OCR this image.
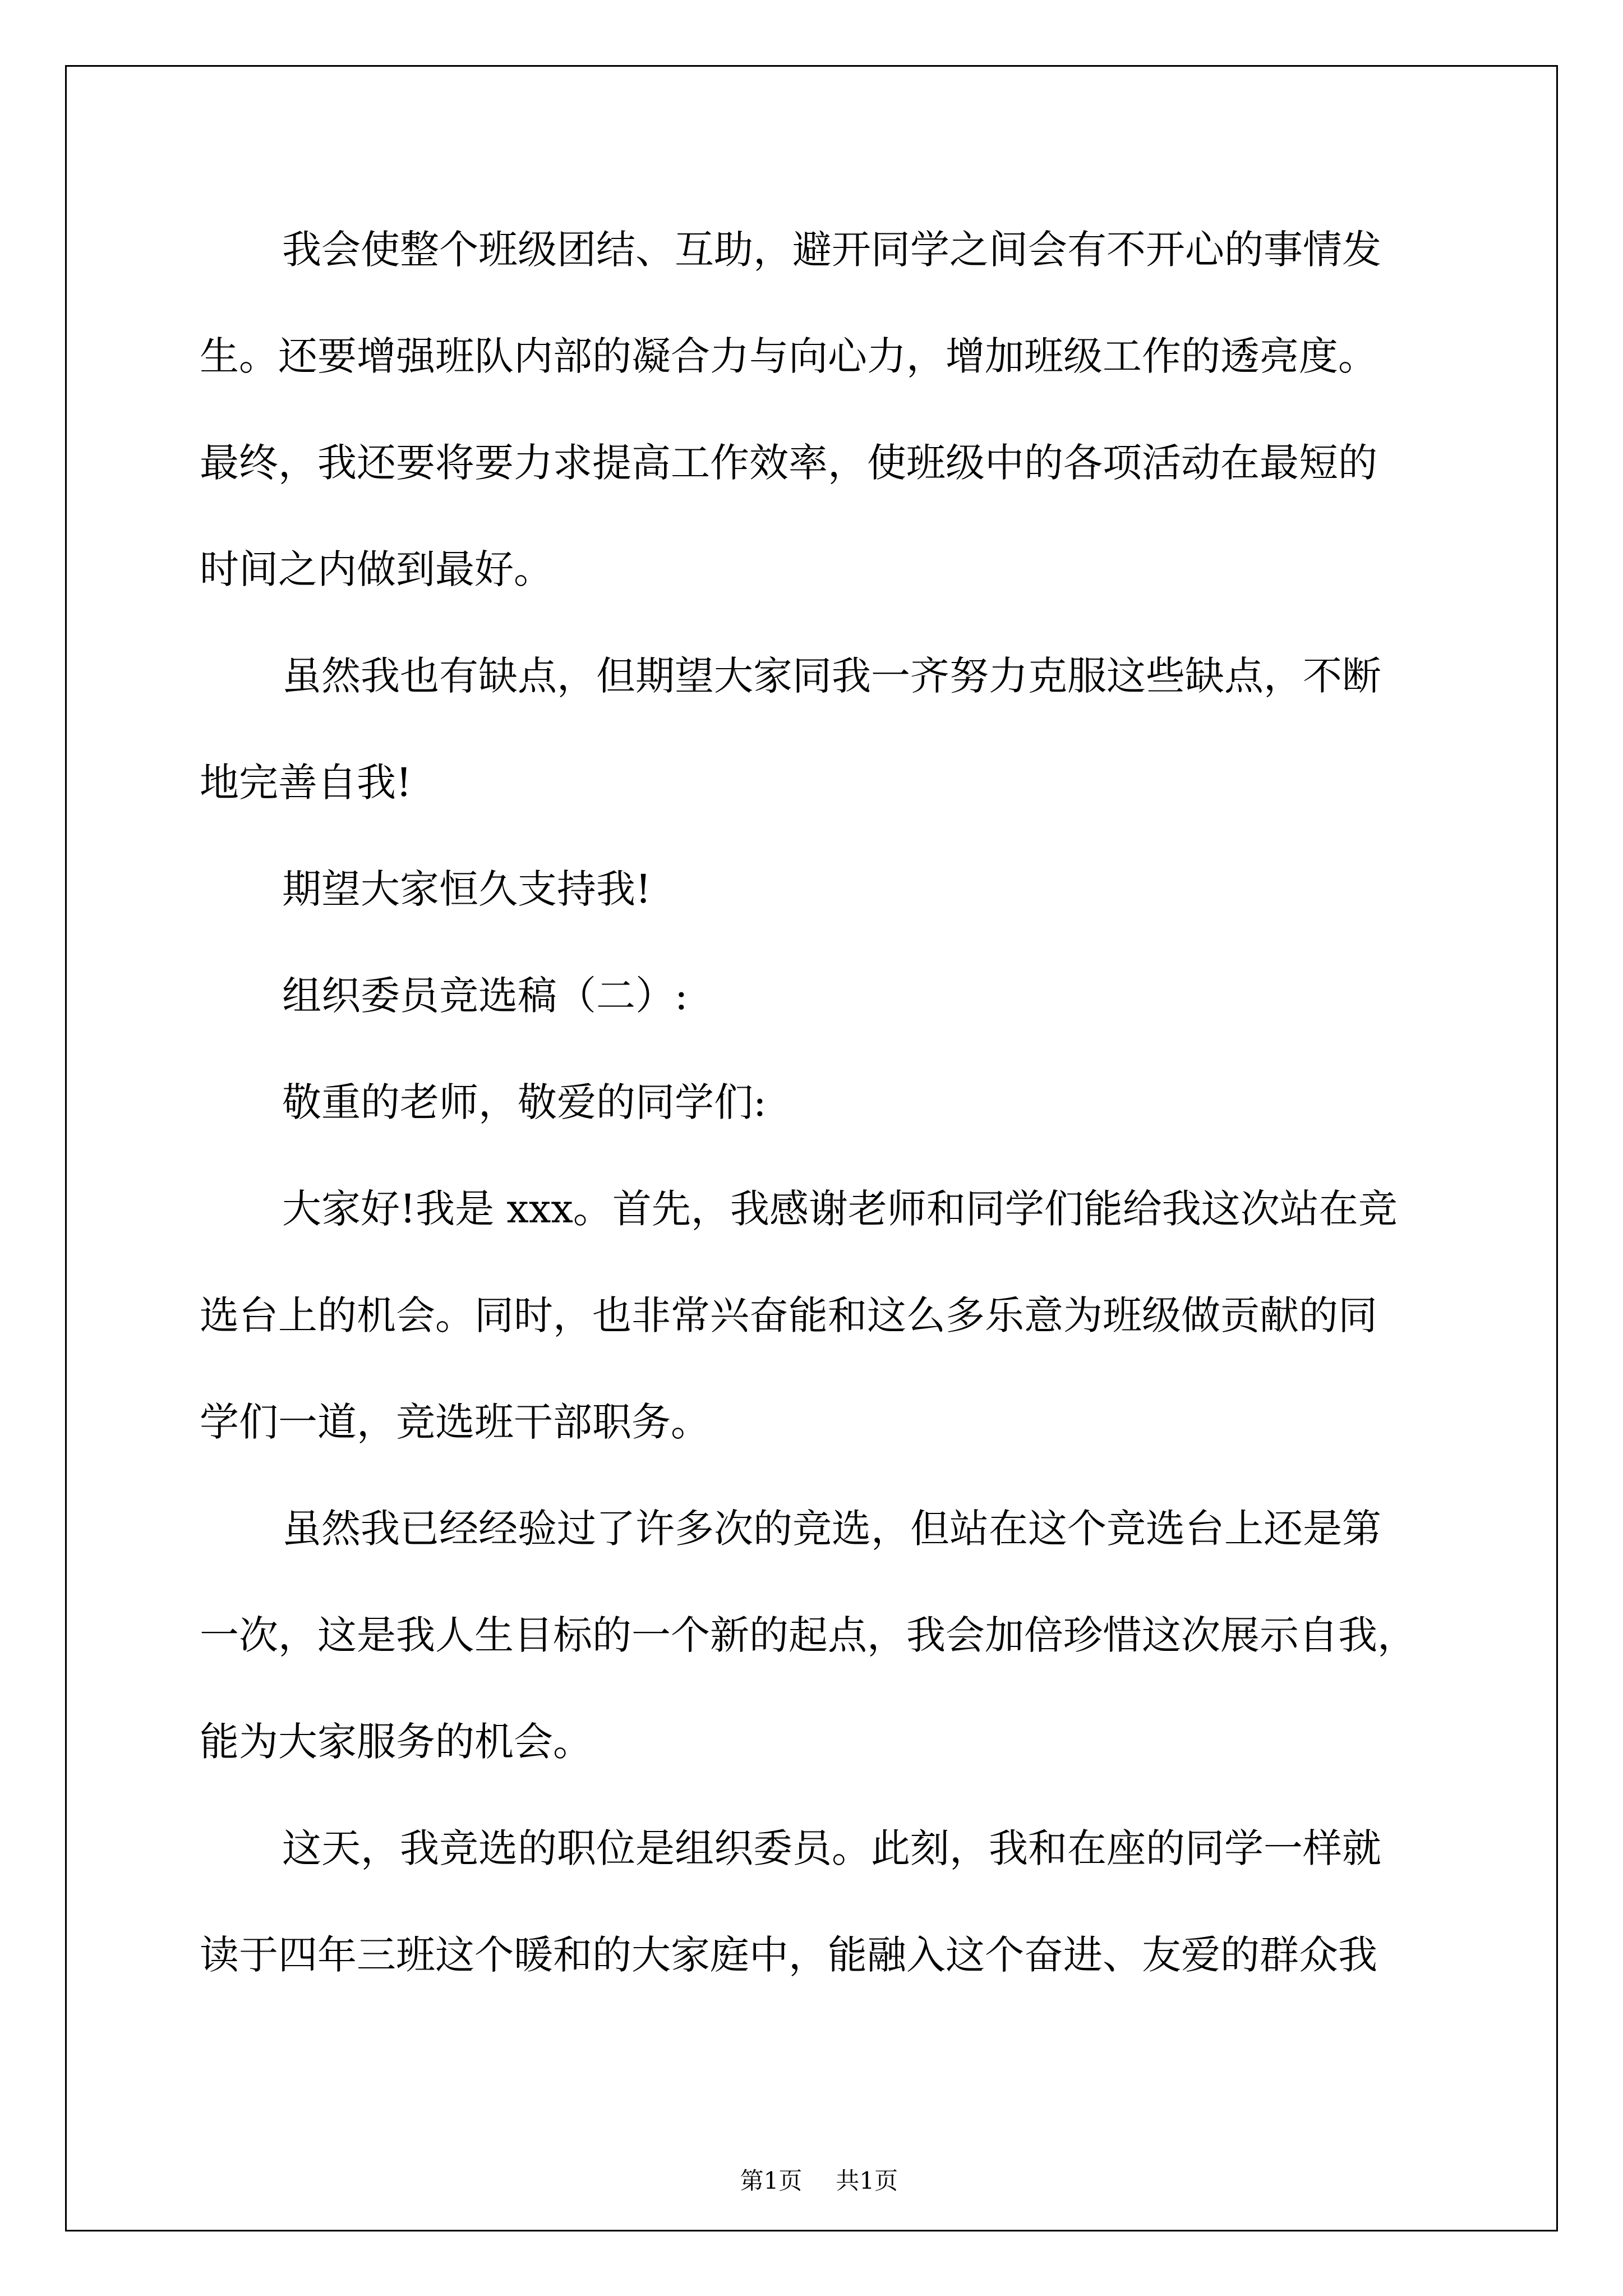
我会使整个班级团结、互助，避开同学之间会有不开心的事情发

生。还要增强班队内部的凝合力与向心力，增加班级工作的透亮度。

最终，我还要将要力求提高工作效率，使班级中的各项活动在最短的

时间之内做到最好。

虽然我也有缺点，但期望大家同我一齐努力克服这些缺点，不断

地完善自我!

期望大家恒久支持我!

组织委员竞选稿（二）:

敬重的老师，敬爱的同学们:

大家好!我是 xxx。首先，我感谢老师和同学们能给我这次站在竞

选台上的机会。同时，也非常兴奋能和这么多乐意为班级做贡献的同

学们一道，竞选班干部职务。

虽然我已经经验过了许多次的竞选，但站在这个竞选台上还是第

一次，这是我人生目标的一个新的起点，我会加倍珍惜这次展示自我，

能为大家服务的机会。

这天，我竞选的职位是组织委员。此刻，我和在座的同学一样就

读于四年三班这个暖和的大家庭中，能融入这个奋进、友爱的群众我

第1页 共1页
